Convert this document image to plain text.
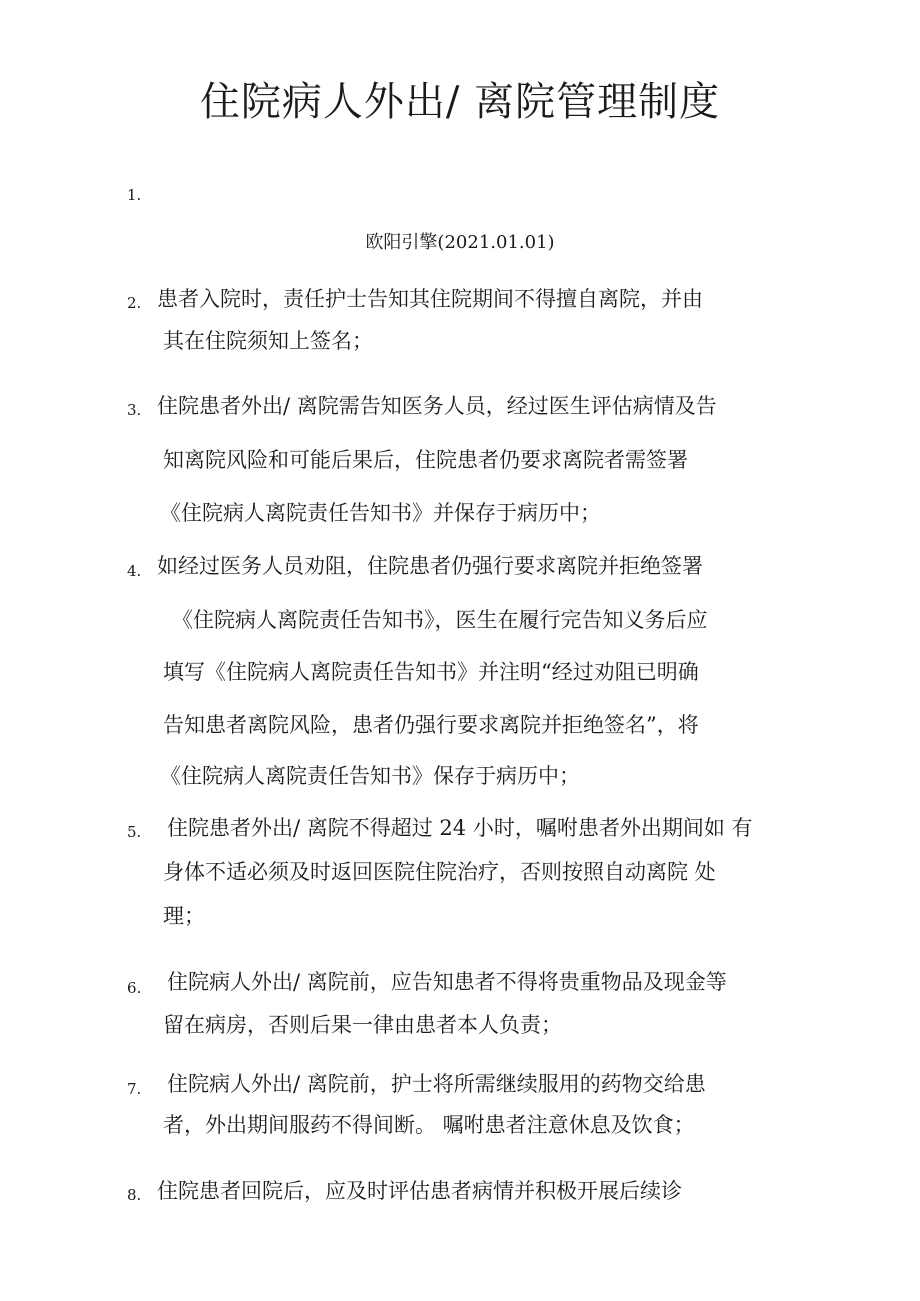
住院病人外出/ 离院管理制度
1.
欧阳引擎(2021.01.01)
2. 患者入院时，责任护士告知其住院期间不得擅自离院，并由
其在住院须知上签名；
3. 住院患者外出/ 离院需告知医务人员，经过医生评估病情及告
知离院风险和可能后果后，住院患者仍要求离院者需签署
《住院病人离院责任告知书》并保存于病历中；
4. 如经过医务人员劝阻，住院患者仍强行要求离院并拒绝签署
《住院病人离院责任告知书》，医生在履行完告知义务后应
填写《住院病人离院责任告知书》并注明“经过劝阻已明确
告知患者离院风险，患者仍强行要求离院并拒绝签名”，将
《住院病人离院责任告知书》保存于病历中；
5. 住院患者外出/ 离院不得超过 24 小时，嘱咐患者外出期间如 有
身体不适必须及时返回医院住院治疗，否则按照自动离院 处
理；
6. 住院病人外出/ 离院前，应告知患者不得将贵重物品及现金等
留在病房，否则后果一律由患者本人负责；
7. 住院病人外出/ 离院前，护士将所需继续服用的药物交给患
者，外出期间服药不得间断。 嘱咐患者注意休息及饮食；
8. 住院患者回院后，应及时评估患者病情并积极开展后续诊
